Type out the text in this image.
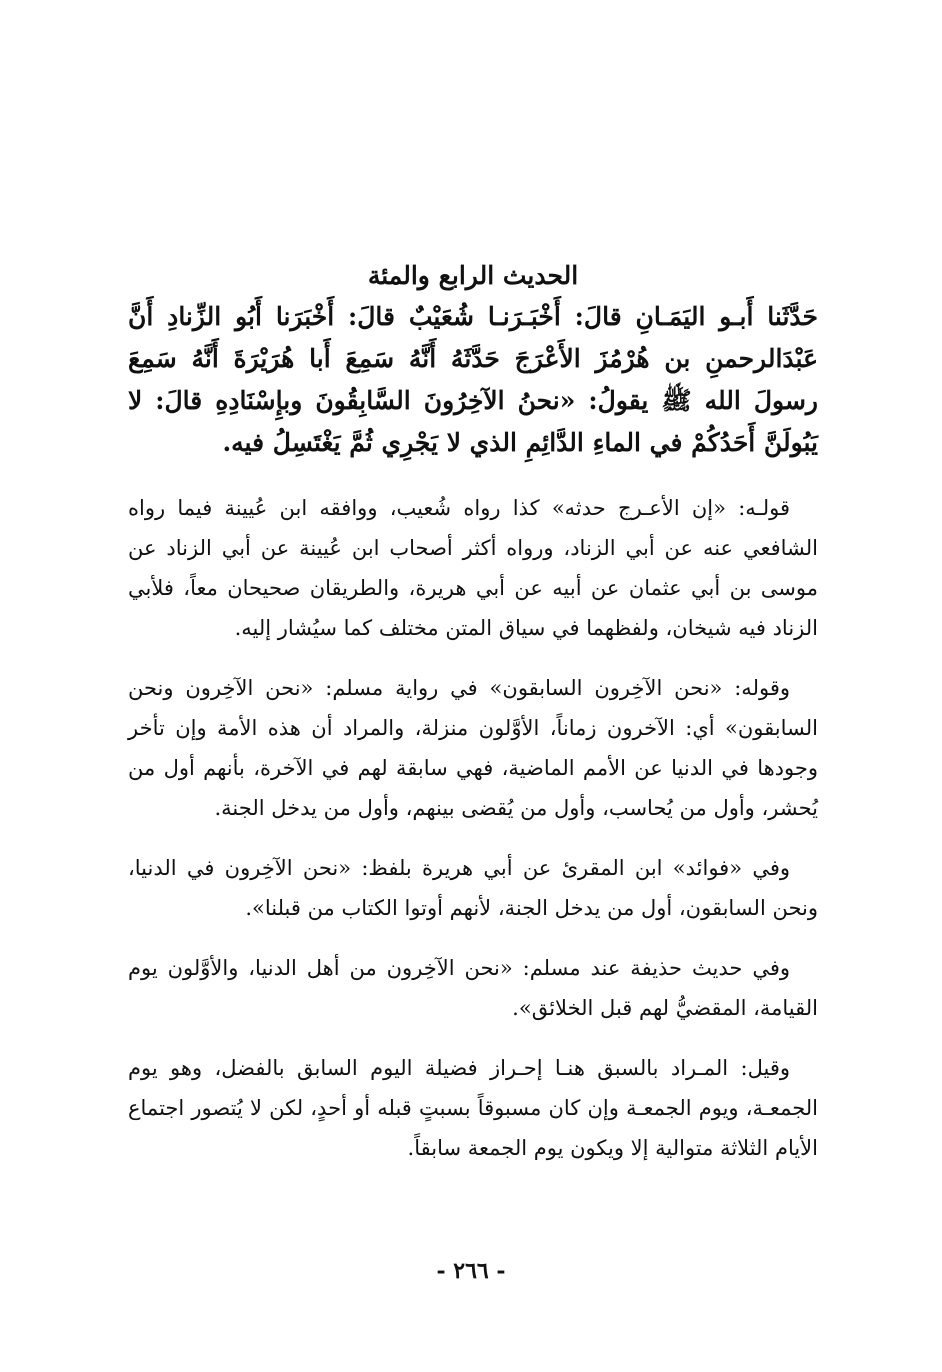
الحديث الرابع والمئة
حَدَّثَنا أَبـو اليَمَـانِ قالَ: أَخْبَـرَنـا شُعَيْبٌ قالَ: أَخْبَرَنا أَبُو الزِّنادِ أَنَّ عَبْدَالرحمنِ بن هُرْمُزَ الأَعْرَجَ حَدَّثَهُ أَنَّهُ سَمِعَ أَبا هُرَيْرَةَ أَنَّهُ سَمِعَ رسولَ الله ﷺ يقولُ: «نحنُ الآخِرُونَ السَّابِقُونَ وبإِسْنَادِهِ قالَ: لا يَبُولَنَّ أَحَدُكُمْ في الماءِ الدَّائِمِ الذي لا يَجْرِي ثُمَّ يَغْتَسِلُ فيه.
قولـه: «إن الأعـرج حدثه» كذا رواه شُعيب، ووافقه ابن عُيينة فيما رواه الشافعي عنه عن أبي الزناد، ورواه أكثر أصحاب ابن عُيينة عن أبي الزناد عن موسى بن أبي عثمان عن أبيه عن أبي هريرة، والطريقان صحيحان معاً، فلأبي الزناد فيه شيخان، ولفظهما في سياق المتن مختلف كما سيُشار إليه.
وقوله: «نحن الآخِرون السابقون» في رواية مسلم: «نحن الآخِرون ونحن السابقون» أي: الآخرون زماناً، الأوَّلون منزلة، والمراد أن هذه الأمة وإن تأخر وجودها في الدنيا عن الأمم الماضية، فهي سابقة لهم في الآخرة، بأنهم أول من يُحشر، وأول من يُحاسب، وأول من يُقضى بينهم، وأول من يدخل الجنة.
وفي «فوائد» ابن المقرئ عن أبي هريرة بلفظ: «نحن الآخِرون في الدنيا، ونحن السابقون، أول من يدخل الجنة، لأنهم أوتوا الكتاب من قبلنا».
وفي حديث حذيفة عند مسلم: «نحن الآخِرون من أهل الدنيا، والأوَّلون يوم القيامة، المقضيُّ لهم قبل الخلائق».
وقيل: المـراد بالسبق هنـا إحـراز فضيلة اليوم السابق بالفضل، وهو يوم الجمعـة، ويوم الجمعـة وإن كان مسبوقاً بسبتٍ قبله أو أحدٍ، لكن لا يُتصور اجتماع الأيام الثلاثة متوالية إلا ويكون يوم الجمعة سابقاً.
- ٢٦٦ -
